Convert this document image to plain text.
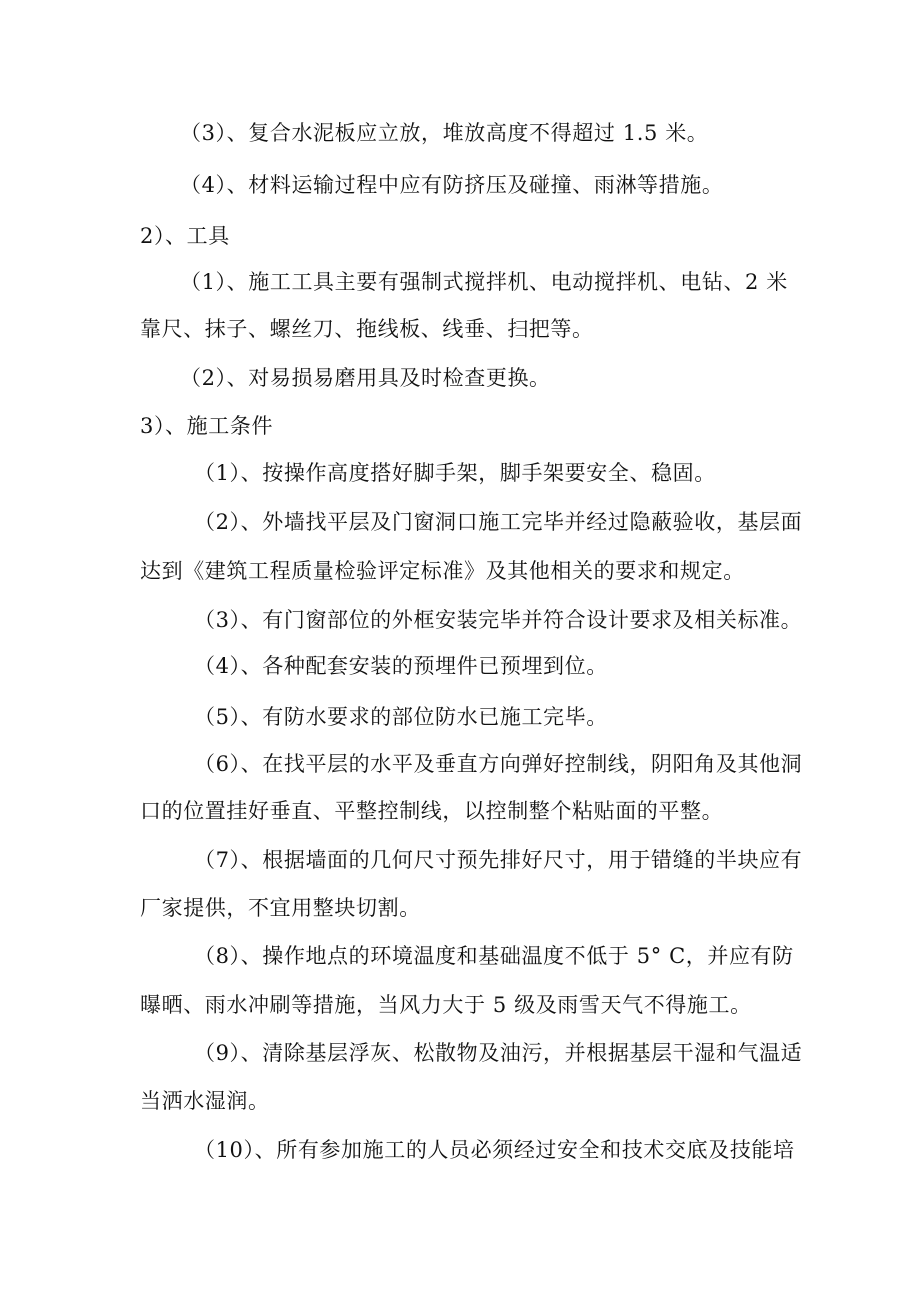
（3）、复合水泥板应立放，堆放高度不得超过 1.5 米。
（4）、材料运输过程中应有防挤压及碰撞、雨淋等措施。
2）、工具
（1）、施工工具主要有强制式搅拌机、电动搅拌机、电钻、2 米
靠尺、抹子、螺丝刀、拖线板、线垂、扫把等。
（2）、对易损易磨用具及时检查更换。
3）、施工条件
（1）、按操作高度搭好脚手架，脚手架要安全、稳固。
（2）、外墙找平层及门窗洞口施工完毕并经过隐蔽验收，基层面
达到《建筑工程质量检验评定标准》及其他相关的要求和规定。
（3）、有门窗部位的外框安装完毕并符合设计要求及相关标准。
（4）、各种配套安装的预埋件已预埋到位。
（5）、有防水要求的部位防水已施工完毕。
（6）、在找平层的水平及垂直方向弹好控制线，阴阳角及其他洞
口的位置挂好垂直、平整控制线，以控制整个粘贴面的平整。
（7）、根据墙面的几何尺寸预先排好尺寸，用于错缝的半块应有
厂家提供，不宜用整块切割。
（8）、操作地点的环境温度和基础温度不低于 5° C，并应有防
曝晒、雨水冲刷等措施，当风力大于 5 级及雨雪天气不得施工。
（9）、清除基层浮灰、松散物及油污，并根据基层干湿和气温适
当洒水湿润。
（10）、所有参加施工的人员必须经过安全和技术交底及技能培
